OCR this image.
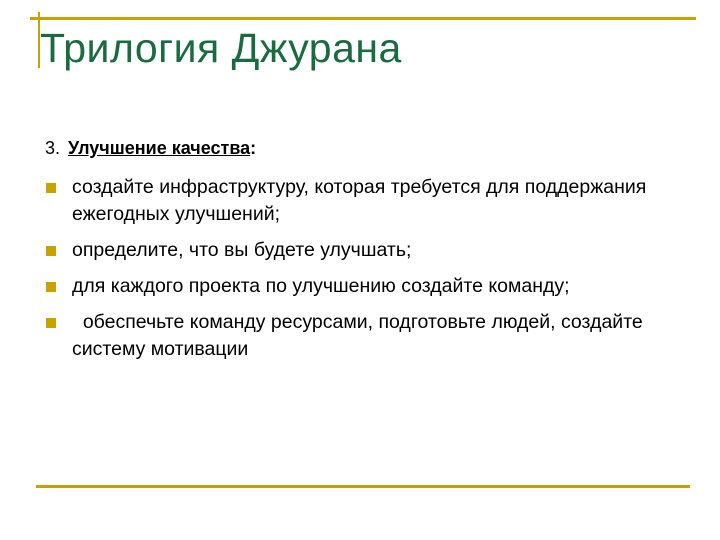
Трилогия Джурана
3. Улучшение качества:
создайте инфраструктуру, которая требуется для поддержания ежегодных улучшений;
определите, что вы будете улучшать;
для каждого проекта по улучшению создайте команду;
обеспечьте команду ресурсами, подготовьте людей, создайте систему мотивации
